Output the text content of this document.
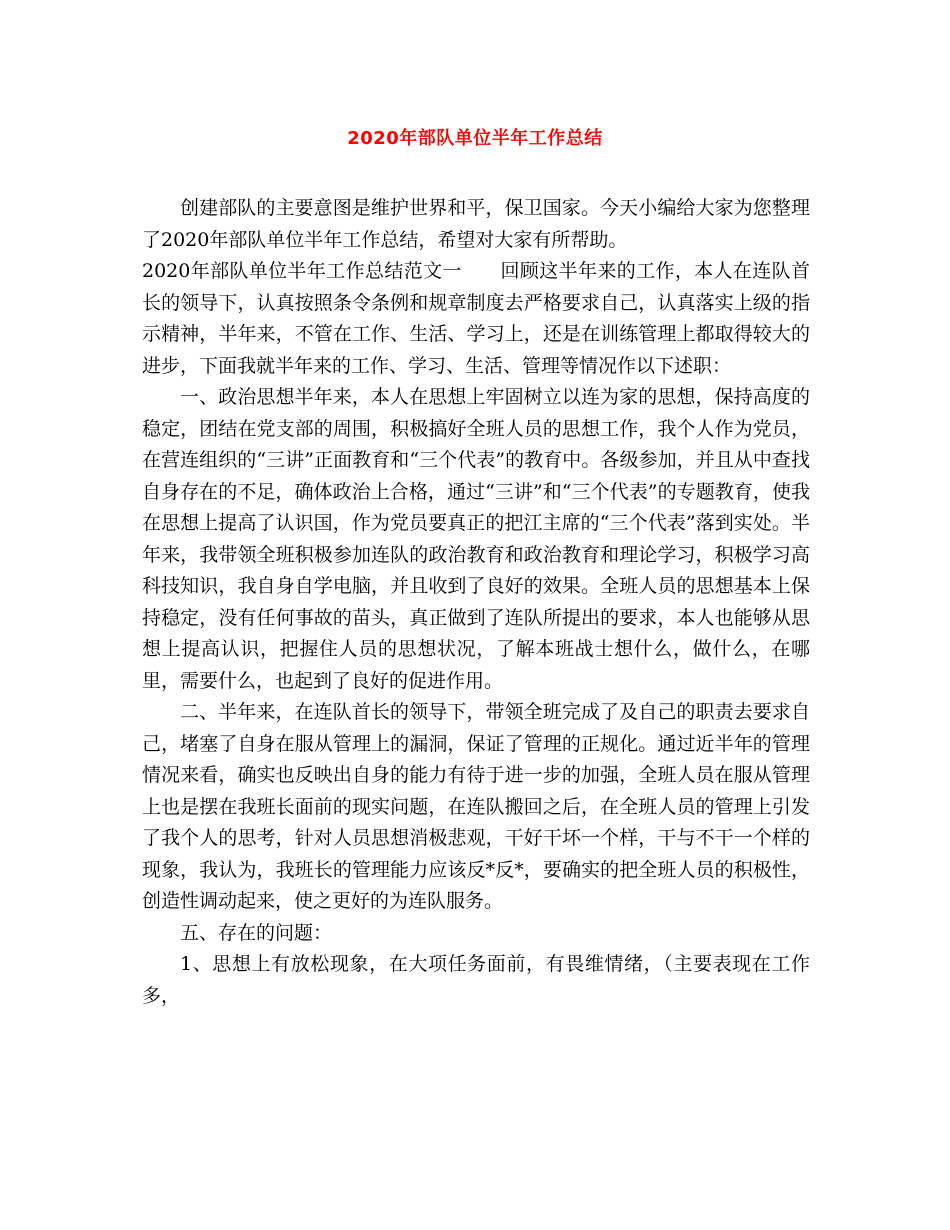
2020年部队单位半年工作总结

创建部队的主要意图是维护世界和平，保卫国家。今天小编给大家为您整理了2020年部队单位半年工作总结，希望对大家有所帮助。

2020年部队单位半年工作总结范文一　　回顾这半年来的工作，本人在连队首长的领导下，认真按照条令条例和规章制度去严格要求自己，认真落实上级的指示精神，半年来，不管在工作、生活、学习上，还是在训练管理上都取得较大的进步，下面我就半年来的工作、学习、生活、管理等情况作以下述职：

一、政治思想半年来，本人在思想上牢固树立以连为家的思想，保持高度的稳定，团结在党支部的周围，积极搞好全班人员的思想工作，我个人作为党员，在营连组织的“三讲”正面教育和“三个代表”的教育中。各级参加，并且从中查找自身存在的不足，确体政治上合格，通过“三讲”和“三个代表”的专题教育，使我在思想上提高了认识国，作为党员要真正的把江主席的“三个代表”落到实处。半年来，我带领全班积极参加连队的政治教育和政治教育和理论学习，积极学习高科技知识，我自身自学电脑，并且收到了良好的效果。全班人员的思想基本上保持稳定，没有任何事故的苗头，真正做到了连队所提出的要求，本人也能够从思想上提高认识，把握住人员的思想状况，了解本班战士想什么，做什么，在哪里，需要什么，也起到了良好的促进作用。

二、半年来，在连队首长的领导下，带领全班完成了及自己的职责去要求自己，堵塞了自身在服从管理上的漏洞，保证了管理的正规化。通过近半年的管理情况来看，确实也反映出自身的能力有待于进一步的加强，全班人员在服从管理上也是摆在我班长面前的现实问题，在连队搬回之后，在全班人员的管理上引发了我个人的思考，针对人员思想消极悲观，干好干坏一个样，干与不干一个样的现象，我认为，我班长的管理能力应该反*反*，要确实的把全班人员的积极性，创造性调动起来，使之更好的为连队服务。

五、存在的问题：

1、思想上有放松现象，在大项任务面前，有畏维情绪，（主要表现在工作多，
